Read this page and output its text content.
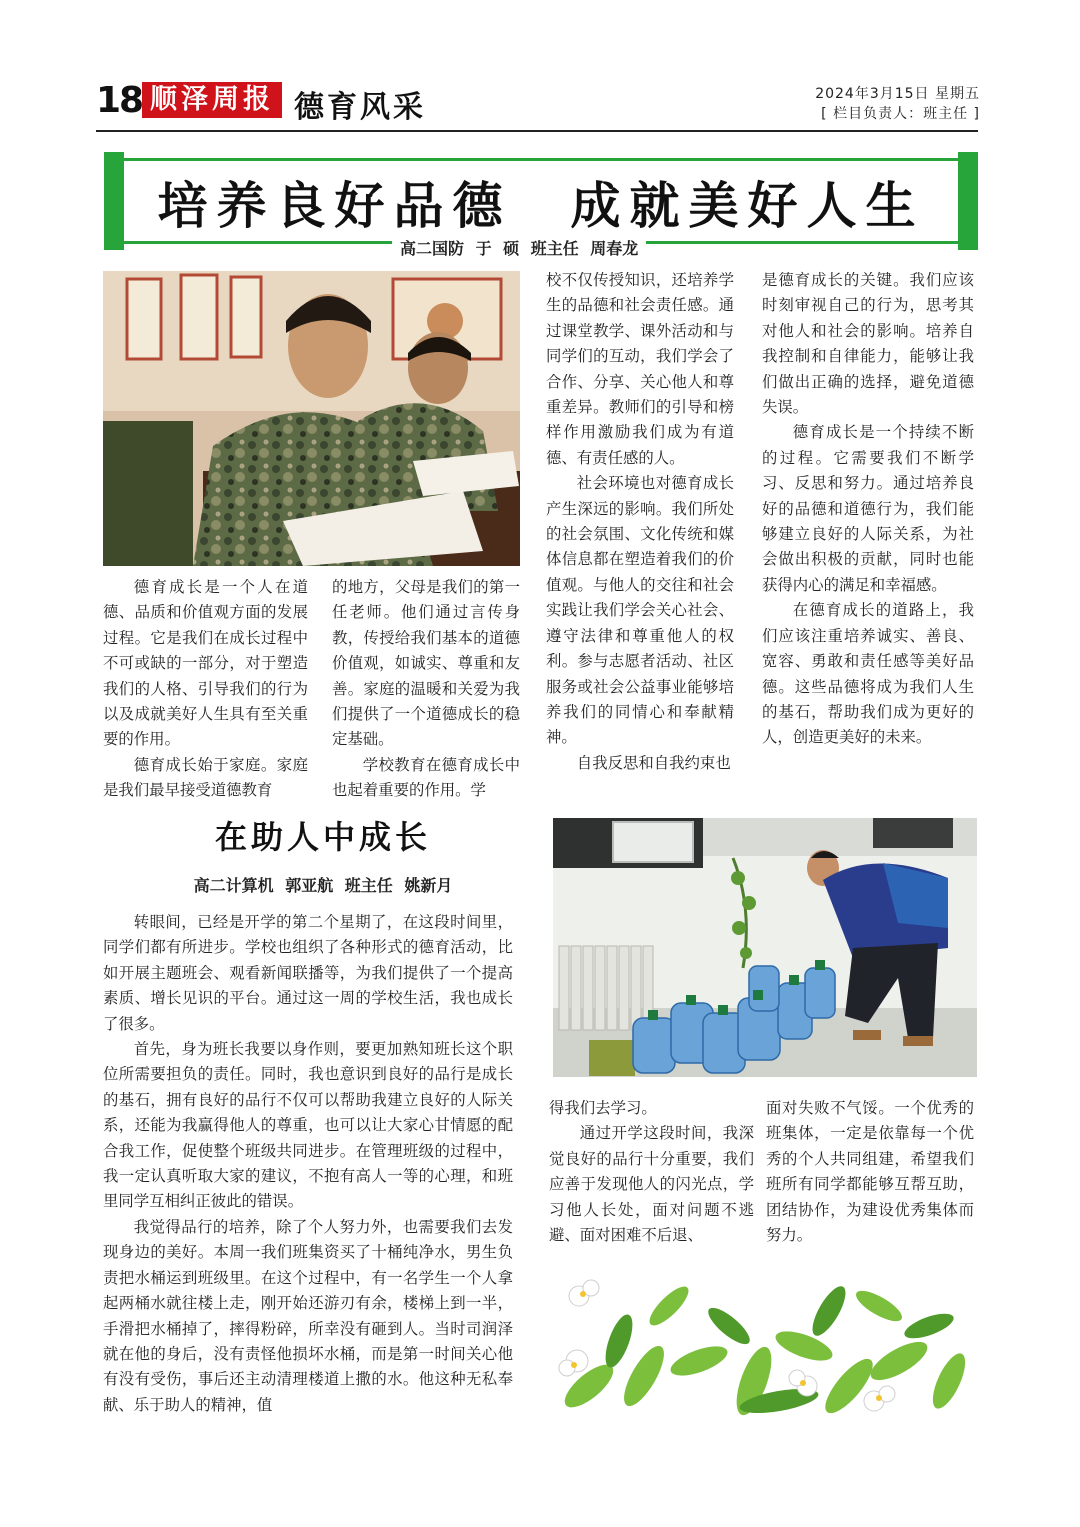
18 顺泽周报 德育风采	2024年3月15日 星期五
[ 栏目负责人：班主任 ]
培养良好品德　成就美好人生
高二国防 于 硕 班主任 周春龙

德育成长是一个人在道德、品质和价值观方面的发展过程。它是我们在成长过程中不可或缺的一部分，对于塑造我们的人格、引导我们的行为以及成就美好人生具有至关重要的作用。

德育成长始于家庭。家庭是我们最早接受道德教育

的地方，父母是我们的第一任老师。他们通过言传身教，传授给我们基本的道德价值观，如诚实、尊重和友善。家庭的温暖和关爱为我们提供了一个道德成长的稳定基础。

学校教育在德育成长中也起着重要的作用。学

校不仅传授知识，还培养学生的品德和社会责任感。通过课堂教学、课外活动和与同学们的互动，我们学会了合作、分享、关心他人和尊重差异。教师们的引导和榜样作用激励我们成为有道德、有责任感的人。

社会环境也对德育成长产生深远的影响。我们所处的社会氛围、文化传统和媒体信息都在塑造着我们的价值观。与他人的交往和社会实践让我们学会关心社会、遵守法律和尊重他人的权利。参与志愿者活动、社区服务或社会公益事业能够培养我们的同情心和奉献精神。

自我反思和自我约束也

是德育成长的关键。我们应该时刻审视自己的行为，思考其对他人和社会的影响。培养自我控制和自律能力，能够让我们做出正确的选择，避免道德失误。

德育成长是一个持续不断的过程。它需要我们不断学习、反思和努力。通过培养良好的品德和道德行为，我们能够建立良好的人际关系，为社会做出积极的贡献，同时也能获得内心的满足和幸福感。

在德育成长的道路上，我们应该注重培养诚实、善良、宽容、勇敢和责任感等美好品德。这些品德将成为我们人生的基石，帮助我们成为更好的人，创造更美好的未来。

在助人中成长
高二计算机 郭亚航 班主任 姚新月

转眼间，已经是开学的第二个星期了，在这段时间里，同学们都有所进步。学校也组织了各种形式的德育活动，比如开展主题班会、观看新闻联播等，为我们提供了一个提高素质、增长见识的平台。通过这一周的学校生活，我也成长了很多。

首先，身为班长我要以身作则，要更加熟知班长这个职位所需要担负的责任。同时，我也意识到良好的品行是成长的基石，拥有良好的品行不仅可以帮助我建立良好的人际关系，还能为我赢得他人的尊重，也可以让大家心甘情愿的配合我工作，促使整个班级共同进步。在管理班级的过程中，我一定认真听取大家的建议，不抱有高人一等的心理，和班里同学互相纠正彼此的错误。

我觉得品行的培养，除了个人努力外，也需要我们去发现身边的美好。本周一我们班集资买了十桶纯净水，男生负责把水桶运到班级里。在这个过程中，有一名学生一个人拿起两桶水就往楼上走，刚开始还游刃有余，楼梯上到一半，手滑把水桶掉了，摔得粉碎，所幸没有砸到人。当时司润泽就在他的身后，没有责怪他损坏水桶，而是第一时间关心他有没有受伤，事后还主动清理楼道上撒的水。他这种无私奉献、乐于助人的精神，值

得我们去学习。

通过开学这段时间，我深觉良好的品行十分重要，我们应善于发现他人的闪光点，学习他人长处，面对问题不逃避、面对困难不后退、

面对失败不气馁。一个优秀的班集体，一定是依靠每一个优秀的个人共同组建，希望我们班所有同学都能够互帮互助，团结协作，为建设优秀集体而努力。
